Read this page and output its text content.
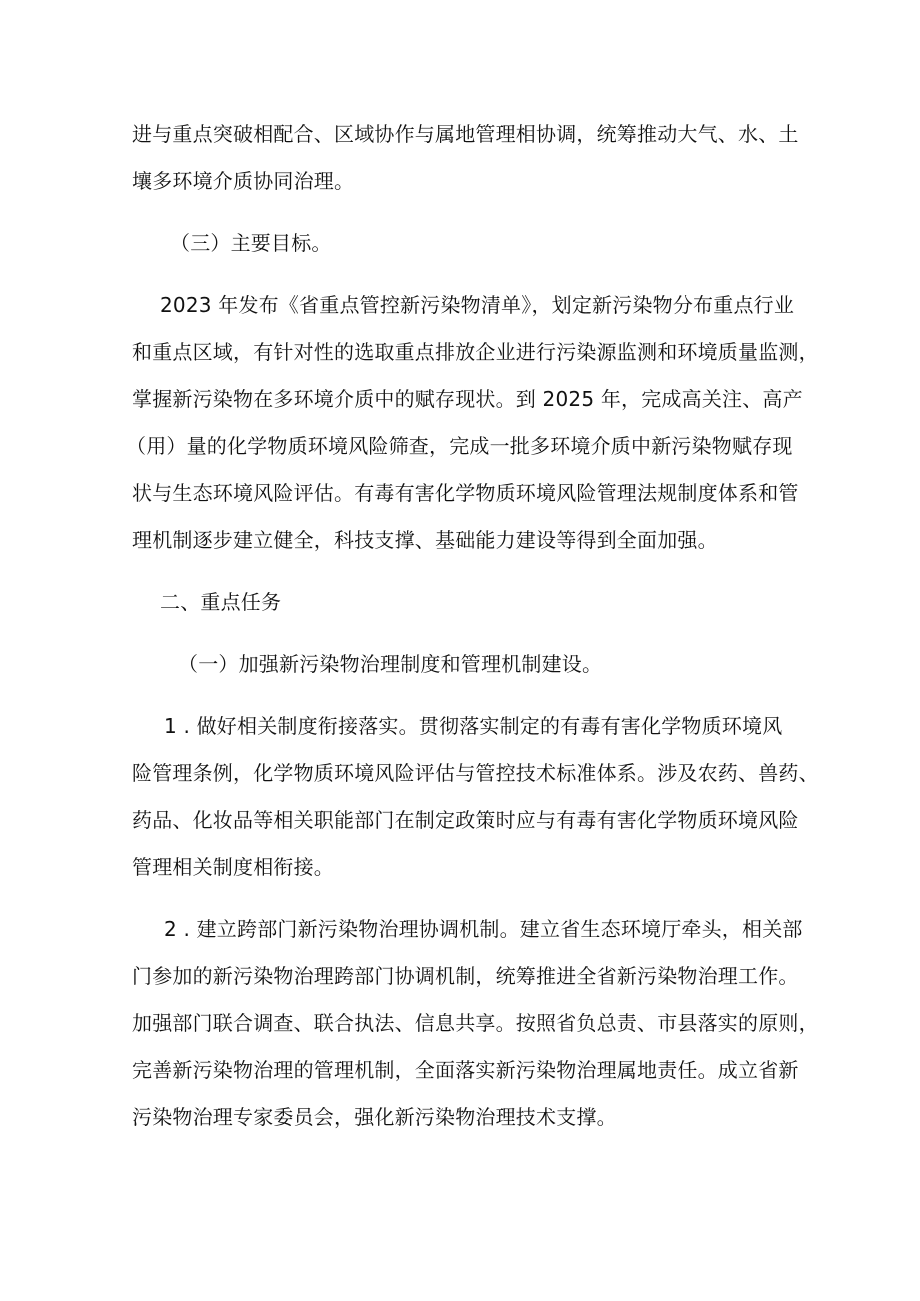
进与重点突破相配合、区域协作与属地管理相协调，统筹推动大气、水、土
壤多环境介质协同治理。
（三）主要目标。
2023 年发布《省重点管控新污染物清单》，划定新污染物分布重点行业
和重点区域，有针对性的选取重点排放企业进行污染源监测和环境质量监测，
掌握新污染物在多环境介质中的赋存现状。到 2025 年，完成高关注、高产
（用）量的化学物质环境风险筛查，完成一批多环境介质中新污染物赋存现
状与生态环境风险评估。有毒有害化学物质环境风险管理法规制度体系和管
理机制逐步建立健全，科技支撑、基础能力建设等得到全面加强。
二、重点任务
（一）加强新污染物治理制度和管理机制建设。
1 . 做好相关制度衔接落实。贯彻落实制定的有毒有害化学物质环境风
险管理条例，化学物质环境风险评估与管控技术标准体系。涉及农药、兽药、
药品、化妆品等相关职能部门在制定政策时应与有毒有害化学物质环境风险
管理相关制度相衔接。
2 . 建立跨部门新污染物治理协调机制。建立省生态环境厅牵头，相关部
门参加的新污染物治理跨部门协调机制，统筹推进全省新污染物治理工作。
加强部门联合调查、联合执法、信息共享。按照省负总责、市县落实的原则，
完善新污染物治理的管理机制，全面落实新污染物治理属地责任。成立省新
污染物治理专家委员会，强化新污染物治理技术支撑。
